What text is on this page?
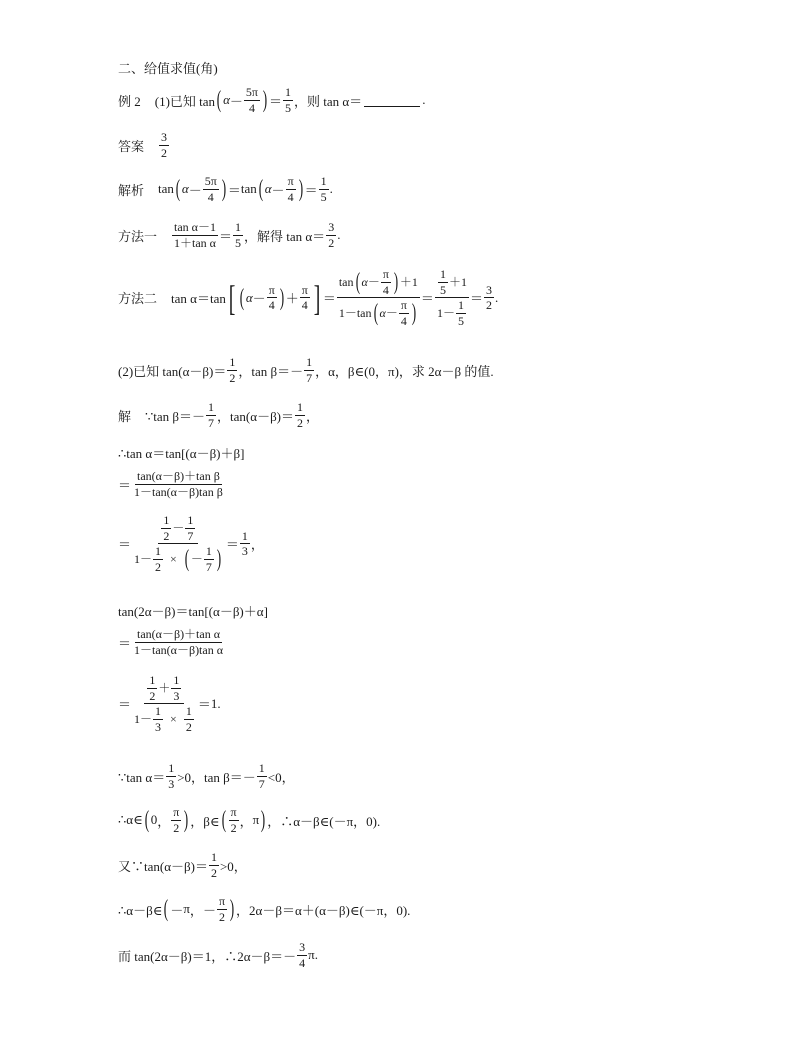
二、给值求值(角)
例 2 (1)已知 tan ( $\alpha - \frac{5\pi}{4}$ ) ＝ $\frac{1}{5}$ ，则 tan α＝	.
答案 $\frac{3}{2}$
解析 tan ( $\alpha - \frac{5\pi}{4}$ ) ＝ tan ( $\alpha - \frac{\pi}{4}$ ) ＝ $\frac{1}{5}$ .
方法一 $\frac{\text{tan α－1}}{\text{1＋tan α}} = \frac{1}{5}$ ，解得 $\tan \alpha= \frac{3}{2}$ .
方法二 tan α＝tan [ ( $\alpha - \frac{\pi}{4}$ ) ＋ $\frac{\pi}{4}$ ] ＝
tan ( $\alpha - \frac{\pi}{4}$ ) ＋ 1
1－tan ( $\alpha - \frac{\pi}{4}$ )
＝ $\frac{\frac{1}{5} + 1}{1- \frac{1}{5}} = \frac{3}{2}$ .
(2)已知 $\tan(\alpha-\beta)= \frac{1}{2}$ ，$\tan \beta=- \frac{1}{7}$ ，α，β∈(0，π)，求 2α－β 的值.
解 ∵tan $\beta=- \frac{1}{7}$ ，$\tan(\alpha-\beta)= \frac{1}{2}$ ，
∴tan α＝tan[(α－β)＋β]
＝ $\frac{\text{tan(α－β)＋tan β}}{\text{1－tan(α－β)tan β}}$
＝
$\frac{1}{2} - \frac{1}{7}$
$1- \frac{1}{2}$ × ( － $\frac{1}{7}$ )
＝ $\frac{1}{3}$ ，
tan(2α－β)＝tan[(α－β)＋α]
＝ $\frac{\text{tan(α－β)＋tan α}}{\text{1－tan(α－β)tan α}}$
＝
$\frac{1}{2} + \frac{1}{3}$
$1- \frac{1}{3} \times \frac{1}{2}$
＝ 1 .
∵tan $\alpha= \frac{1}{3} >0$，$\tan \beta=- \frac{1}{7} <0$，
∴α∈ ( 0 ， $\frac{\pi}{2}$ ) ，β∈ ( $\frac{\pi}{2}$ ， π ) ，∴α－β∈(－π，0).
又∵tan(α－β)＝ $\frac{1}{2} >0$，
∴α－β∈ ( － π ， － $\frac{\pi}{2}$ ) ，2α－β＝α＋(α－β)∈(－π，0).
而 tan(2α－β)＝1，∴2α－β＝－ $\frac{3}{4} \pi$.
